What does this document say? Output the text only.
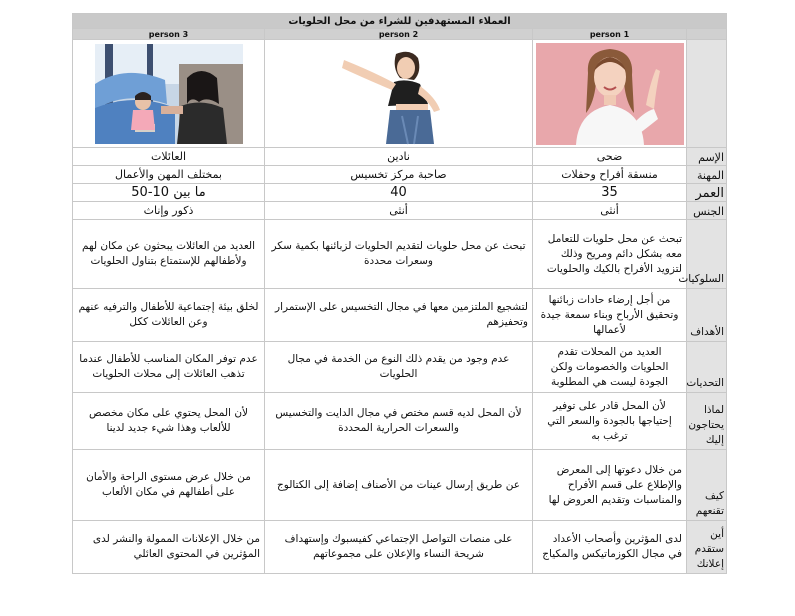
العملاء المستهدفين للشراء من محل الحلويات			
	person 1	person 2	person 3

الإسم	ضحى	نادين	العائلات
المهنة	منسقة أفراح وحفلات	صاحبة مركز تخسيس	بمختلف المهن والأعمال
العمر	35	40	ما بين 10-50
الجنس	أنثى	أنثى	ذكور وإناث
السلوكيات	تبحث عن محل حلويات للتعامل معه بشكل دائم ومريح وذلك لتزويد الأفراح بالكيك والحلويات	تبحث عن محل حلويات لتقديم الحلويات لزبائنها بكمية سكر وسعرات محددة	العديد من العائلات يبحثون عن مكان لهم ولأطفالهم للإستمتاع بتناول الحلويات
الأهداف	من أجل إرضاء حادات زبائنها وتحقيق الأرباح وبناء سمعة جيدة لأعمالها	لتشجيع الملتزمين معها في مجال التخسيس على الإستمرار وتحفيزهم	لخلق بيئة إجتماعية للأطفال والترفيه عنهم وعن العائلات ككل
التحديات	العديد من المحلات تقدم الحلويات والخصومات ولكن الجودة ليست هي المطلوبة	عدم وجود من يقدم ذلك النوع من الخدمة في مجال الحلويات	عدم توفر المكان المناسب للأطفال عندما تذهب العائلات إلى محلات الحلويات
لماذا يحتاجون إليك	لأن المحل قادر على توفير إحتياجها بالجودة والسعر التي ترغب به	لأن المحل لديه قسم مختص في مجال الدايت والتخسيس والسعرات الحرارية المحددة	لأن المحل يحتوي على مكان مخصص للألعاب وهذا شيء جديد لدينا
كيف تقنعهم	من خلال دعوتها إلى المعرض والإطلاع على قسم الأفراح والمناسبات وتقديم العروض لها	عن طريق إرسال عينات من الأصناف إضافة إلى الكتالوج	من خلال عرض مستوى الراحة والأمان على أطفالهم في مكان الألعاب
أين ستقدم إعلانك	لدى المؤثرين وأصحاب الأعداد في مجال الكوزماتيكس والمكياج	على منصات التواصل الإجتماعي كفيسبوك وإستهداف شريحة النساء والإعلان على مجموعاتهم	من خلال الإعلانات الممولة والنشر لدى المؤثرين في المحتوى العائلي
